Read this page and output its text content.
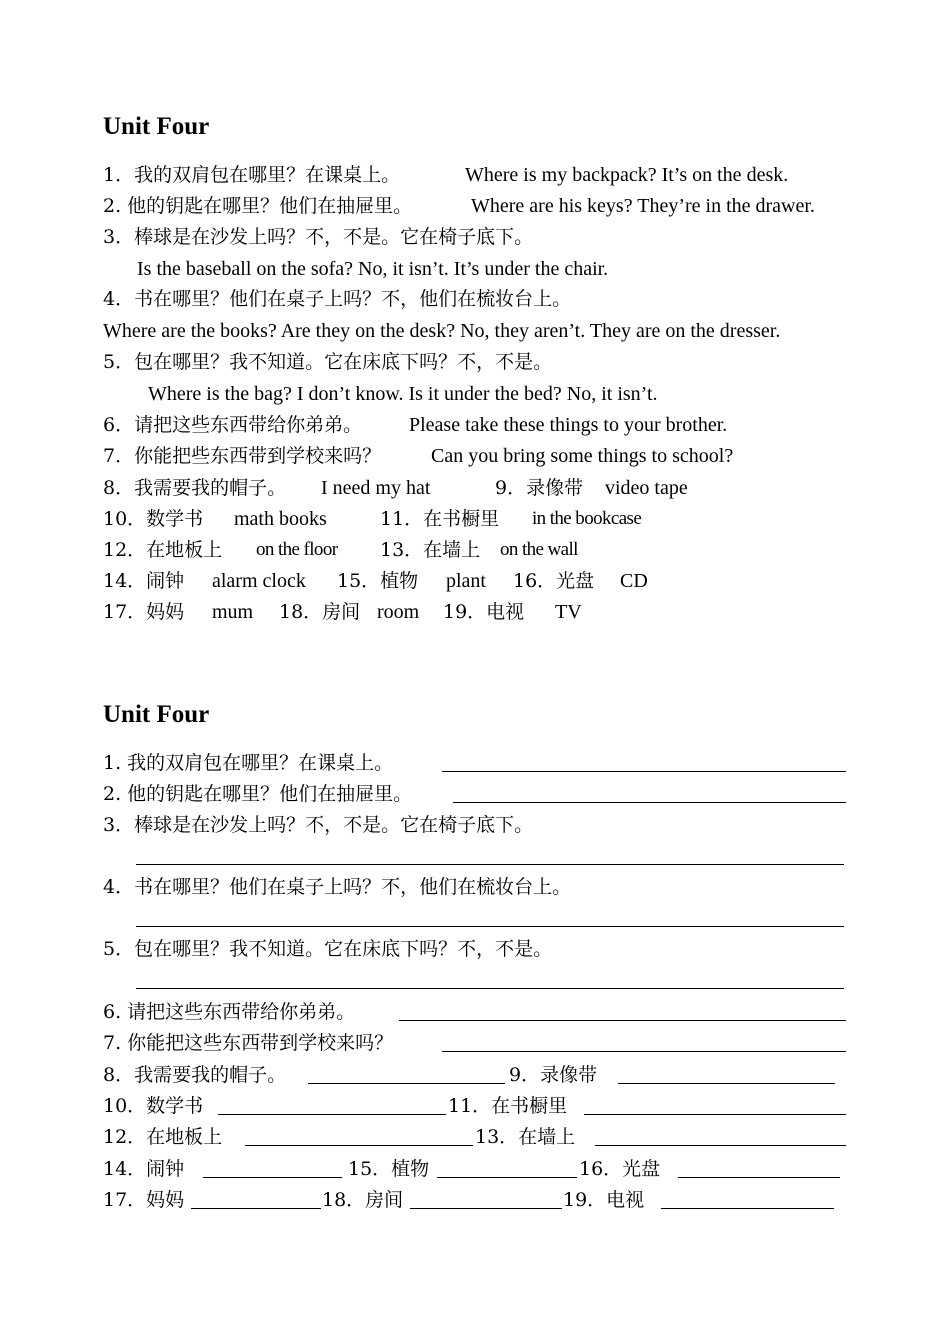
Unit Four
1．我的双肩包在哪里？在课桌上。	Where is my backpack? It’s on the desk.
2. 他的钥匙在哪里？他们在抽屉里。	Where are his keys? They’re in the drawer.
3．棒球是在沙发上吗？不，不是。它在椅子底下。
Is the baseball on the sofa? No, it isn’t. It’s under the chair.
4．书在哪里？他们在桌子上吗？不，他们在梳妆台上。
Where are the books? Are they on the desk? No, they aren’t. They are on the dresser.
5．包在哪里？我不知道。它在床底下吗？不，不是。
Where is the bag? I don’t know. Is it under the bed? No, it isn’t.
6．请把这些东西带给你弟弟。 Please take these things to your brother.
7．你能把些东西带到学校来吗？ Can you bring some things to school?
8．我需要我的帽子。 I need my hat	9．录像带 video tape
10．数学书 math books	11．在书橱里 in the bookcase
12．在地板上 on the floor 13．在墙上 on the wall
14．闹钟 alarm clock 15．植物 plant 16．光盘 CD
17．妈妈 mum 18．房间 room 19．电视 TV
Unit Four
1. 我的双肩包在哪里？在课桌上。
2. 他的钥匙在哪里？他们在抽屉里。
3．棒球是在沙发上吗？不，不是。它在椅子底下。
4．书在哪里？他们在桌子上吗？不，他们在梳妆台上。
5．包在哪里？我不知道。它在床底下吗？不，不是。
6. 请把这些东西带给你弟弟。
7. 你能把这些东西带到学校来吗？
8．我需要我的帽子。	9．录像带
10．数学书	11．在书橱里
12．在地板上	13．在墙上
14．闹钟	15．植物	16．光盘
17．妈妈	18．房间	19．电视
